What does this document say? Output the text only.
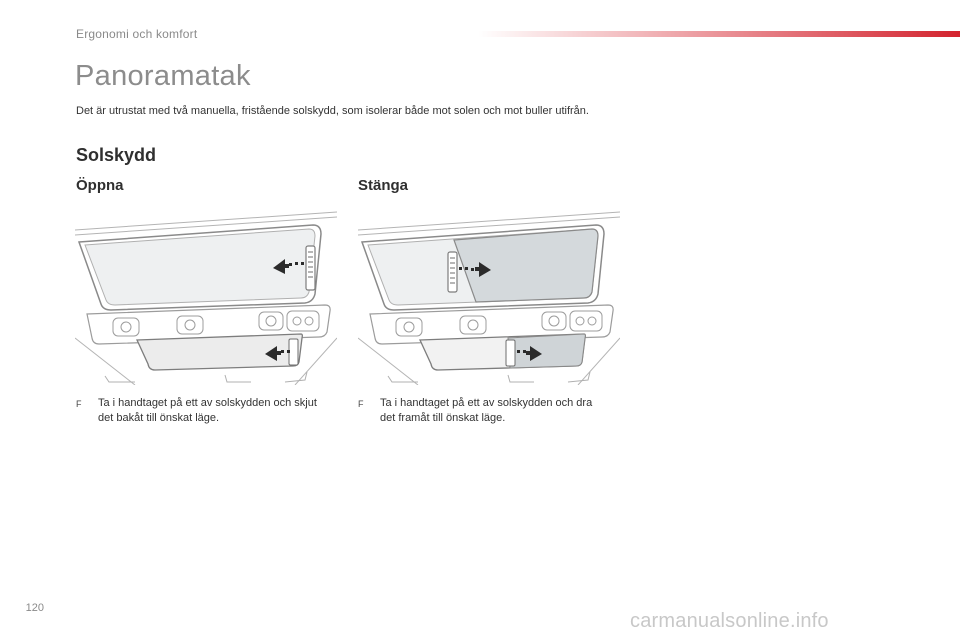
Ergonomi och komfort
Panoramatak

Det är utrustat med två manuella, fristående solskydd, som isolerar både mot solen och mot buller utifrån.

Solskydd
Öppna
F	Ta i handtaget på ett av solskydden och skjut det bakåt till önskat läge.
Stänga
F	Ta i handtaget på ett av solskydden och dra det framåt till önskat läge.
120
carmanualsonline.info
